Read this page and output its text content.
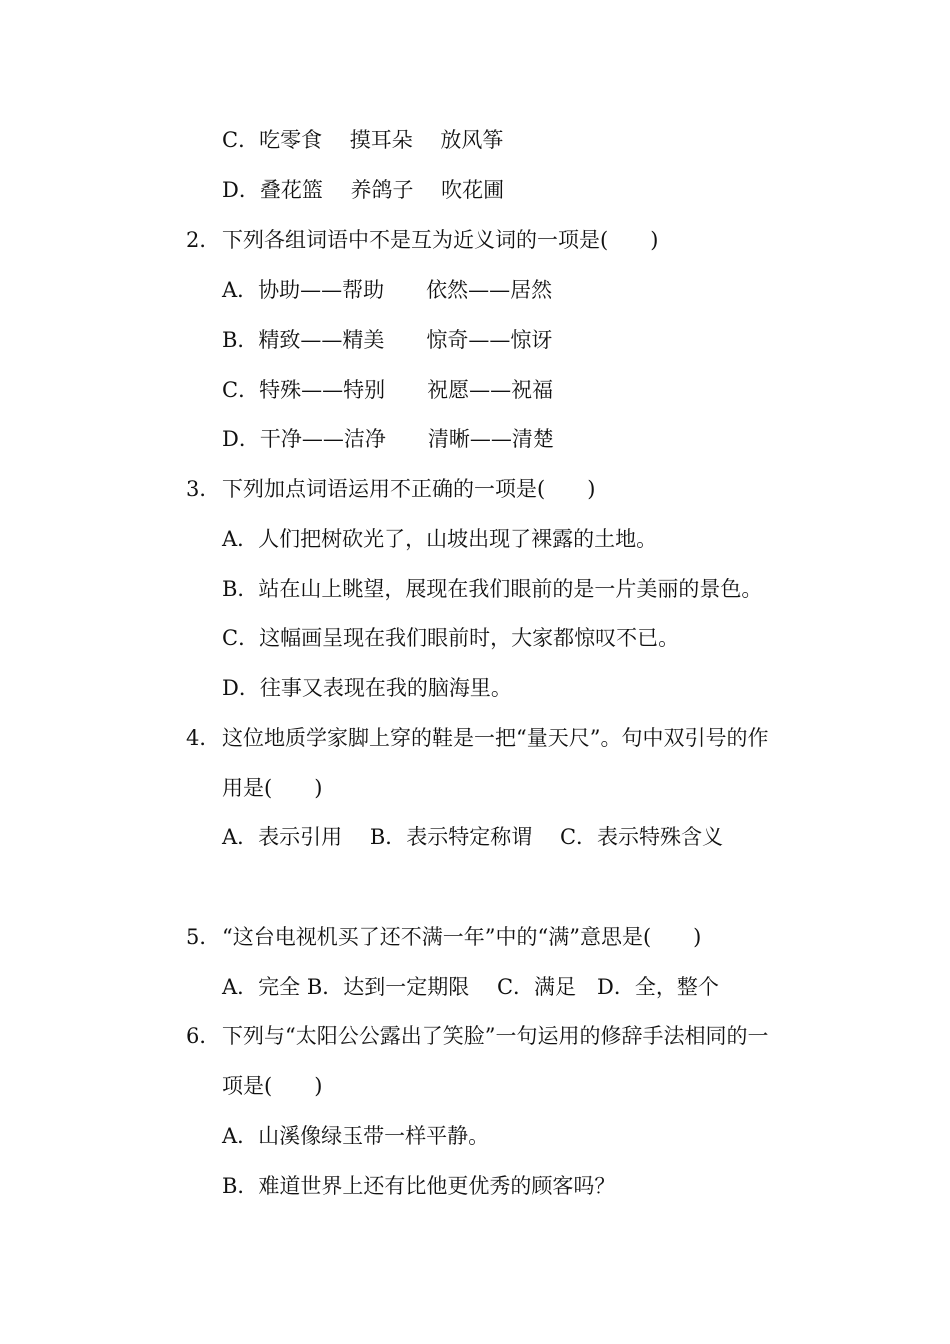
C．吃零食　 摸耳朵　 放风筝
D．叠花篮　 养鸽子　 吹花圃
2． 下列各组词语中不是互为近义词的一项是(　　)
A．协助——帮助　　依然——居然
B．精致——精美　　惊奇——惊讶
C．特殊——特别　　祝愿——祝福
D．干净——洁净　　清晰——清楚
3． 下列加点词语运用不正确的一项是(　　)
A．人们把树砍光了，山坡出现了裸露的土地。
B．站在山上眺望，展现在我们眼前的是一片美丽的景色。
C．这幅画呈现在我们眼前时，大家都惊叹不已。
D．往事又表现在我的脑海里。
4． 这位地质学家脚上穿的鞋是一把“量天尺”。句中双引号的作
用是(　　)
A．表示引用　 B．表示特定称谓　 C．表示特殊含义
5． “这台电视机买了还不满一年”中的“满”意思是(　　)
A．完全 B．达到一定期限　 C．满足　D．全，整个
6． 下列与“太阳公公露出了笑脸”一句运用的修辞手法相同的一
项是(　　)
A．山溪像绿玉带一样平静。
B．难道世界上还有比他更优秀的顾客吗？
